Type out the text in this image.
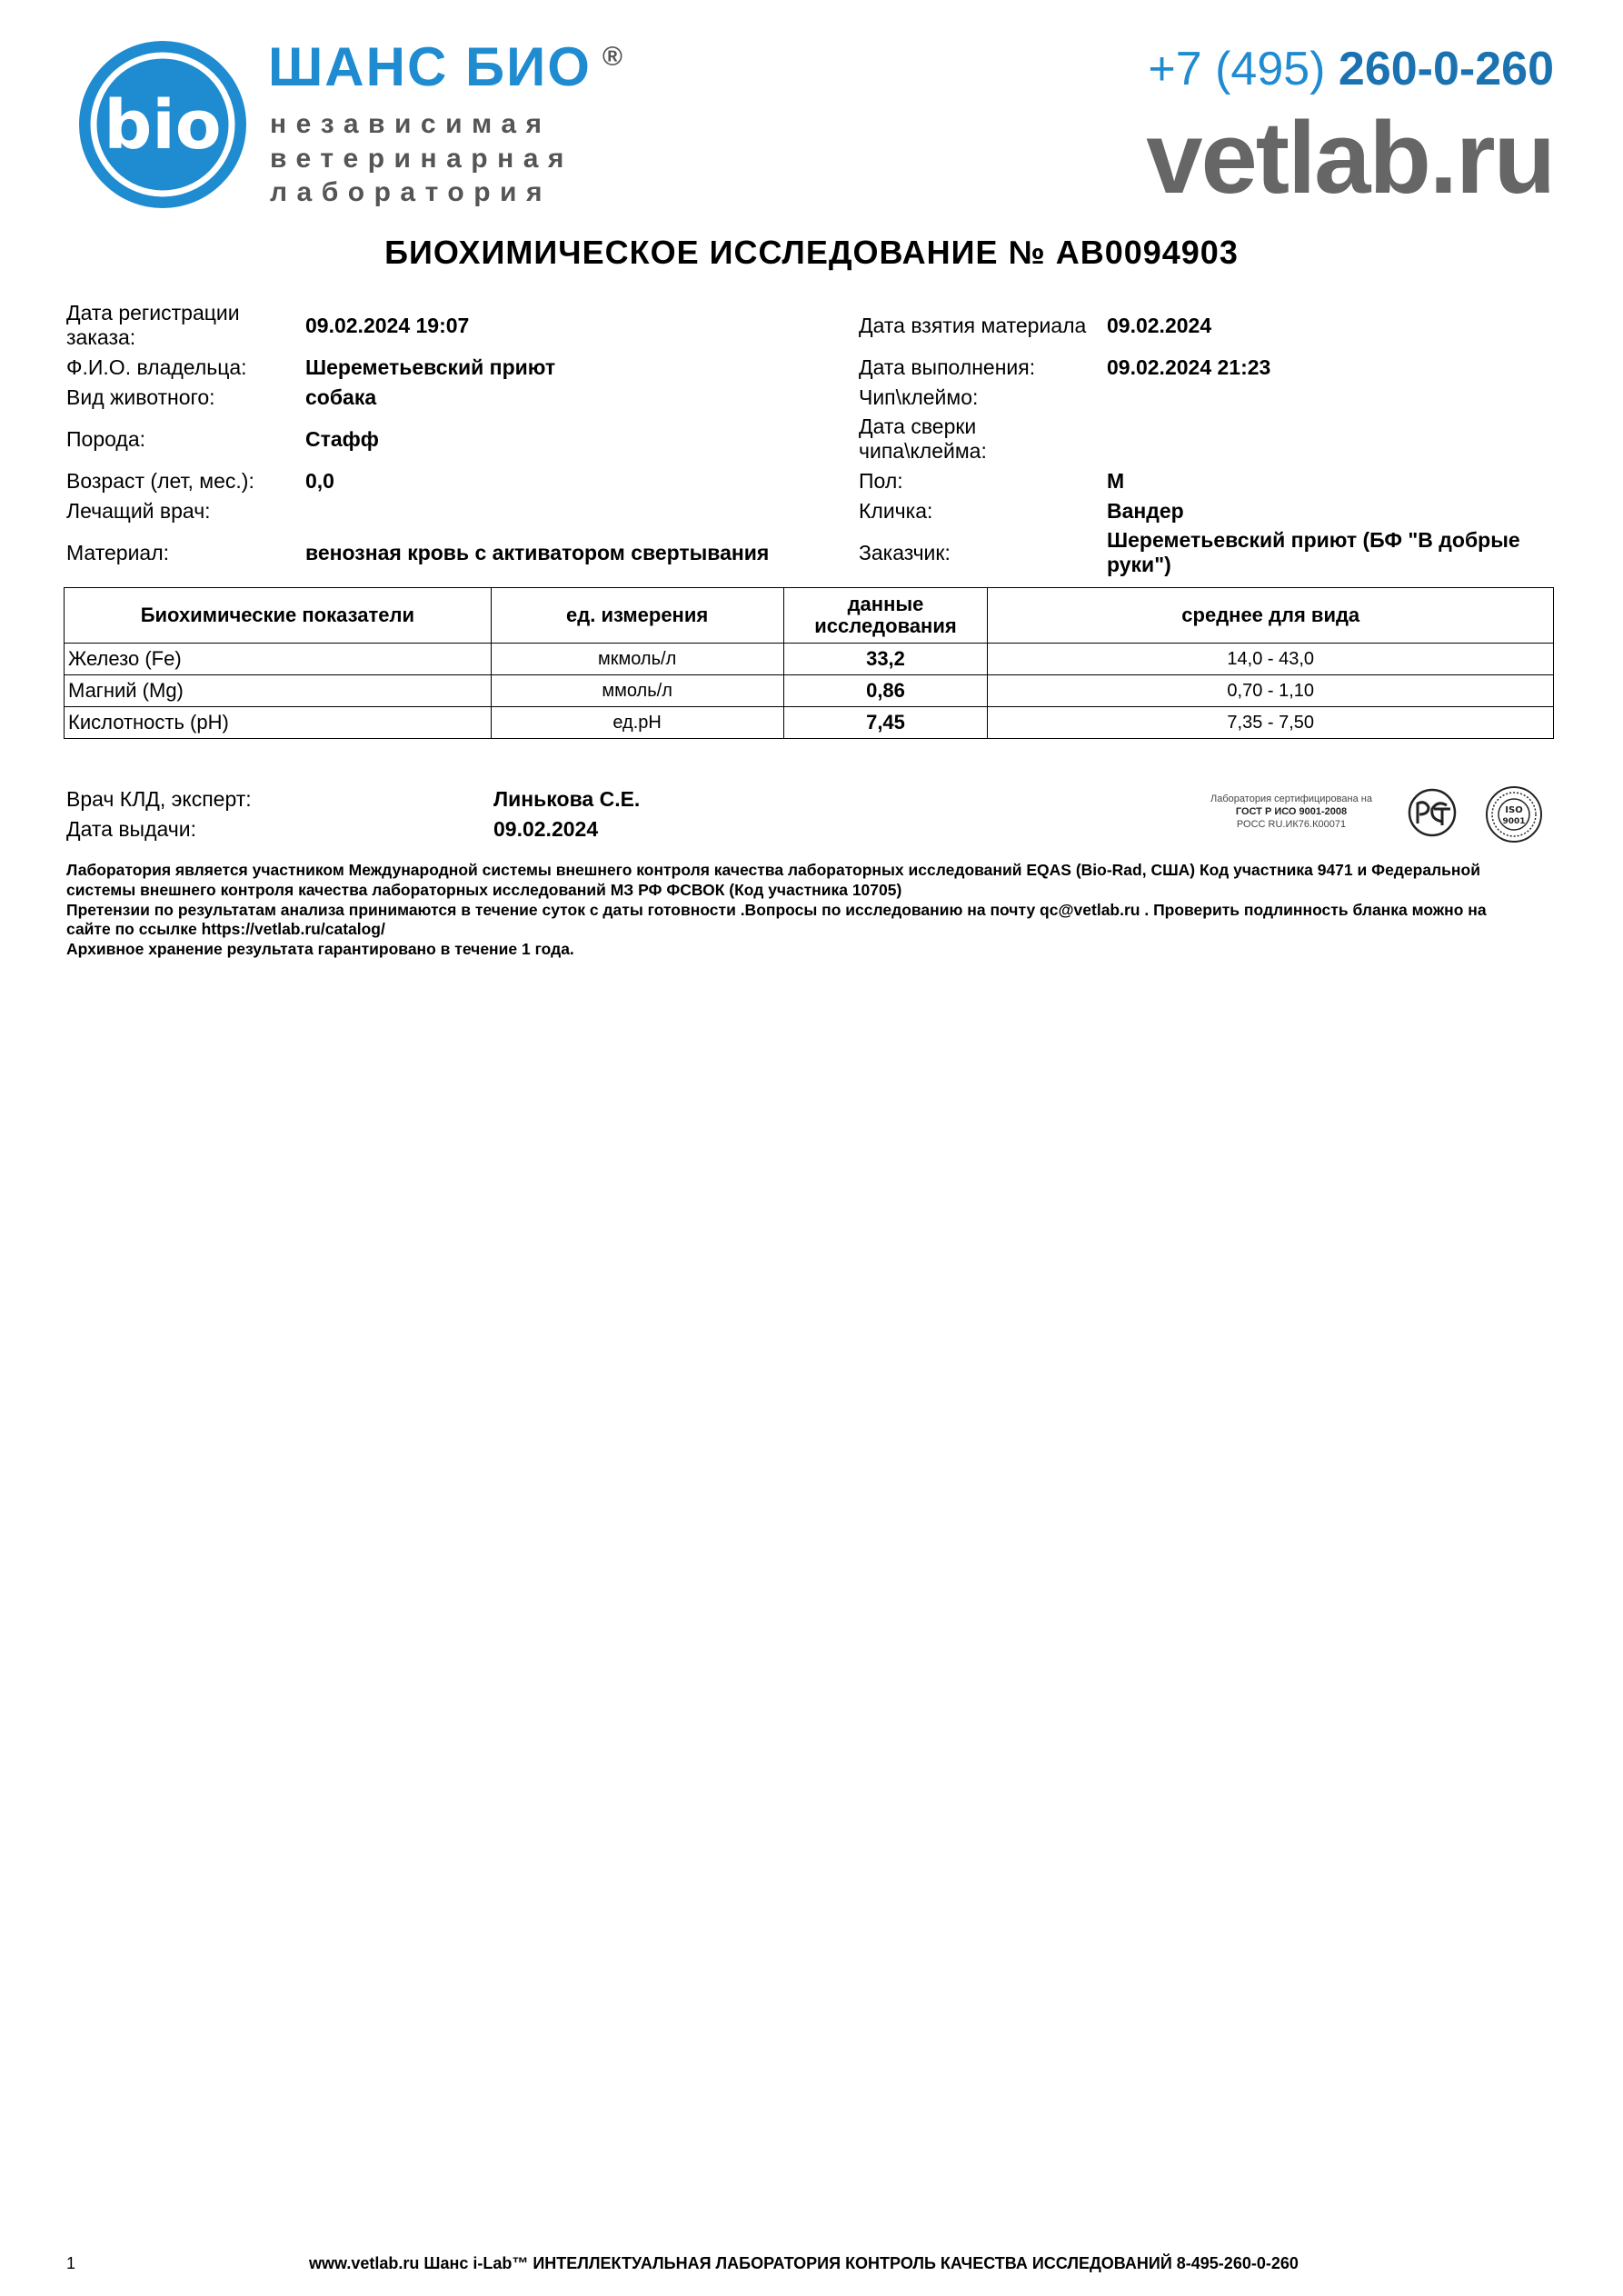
bio
ШАНС БИО ®
независимая
ветеринарная
лаборатория
+7 (495) 260-0-260
vetlab.ru
БИОХИМИЧЕСКОЕ ИССЛЕДОВАНИЕ № AB0094903
Дата регистрации
заказа:	09.02.2024 19:07
Ф.И.О. владельца:	Шереметьевский приют
Вид животного:	собака
Порода:	Стафф
Возраст (лет, мес.): 0,0
Лечащий врач:
Материал:	венозная кровь с активатором свертывания
Дата взятия материала 09.02.2024
Дата выполнения:	09.02.2024 21:23
Чип\клеймо:
Дата сверки
чипа\клейма:
Пол:	М
Кличка:	Вандер
Заказчик:
Шереметьевский приют (БФ "В добрые
руки")
Биохимические показатели	ед. измерения	данные
исследования	среднее для вида
Железо (Fe)	мкмоль/л	33,2	14,0 - 43,0
Магний (Mg)	ммоль/л	0,86	0,70 - 1,10
Кислотность (pH)	ед.pH	7,45	7,35 - 7,50
Врач КЛД, эксперт:	Линькова С.Е.
Дата выдачи:	09.02.2024
Лаборатория сертифицирована на
ГОСТ Р ИСО 9001-2008
РОСС RU.ИК76.К00071
ISO
9001
Лаборатория является участником Международной системы внешнего контроля качества лабораторных исследований EQAS (Bio-Rad, США) Код участника 9471 и Федеральной
системы внешнего контроля качества лабораторных исследований МЗ РФ ФСВОК (Код участника 10705)
Претензии по результатам анализа принимаются в течение суток с даты готовности .Вопросы по исследованию на почту qc@vetlab.ru . Проверить подлинность бланка можно на
сайте по ссылке https://vetlab.ru/catalog/
Архивное хранение результата гарантировано в течение 1 года.
1	www.vetlab.ru Шанс i-Lab™ ИНТЕЛЛЕКТУАЛЬНАЯ ЛАБОРАТОРИЯ КОНТРОЛЬ КАЧЕСТВА ИССЛЕДОВАНИЙ 8-495-260-0-260
